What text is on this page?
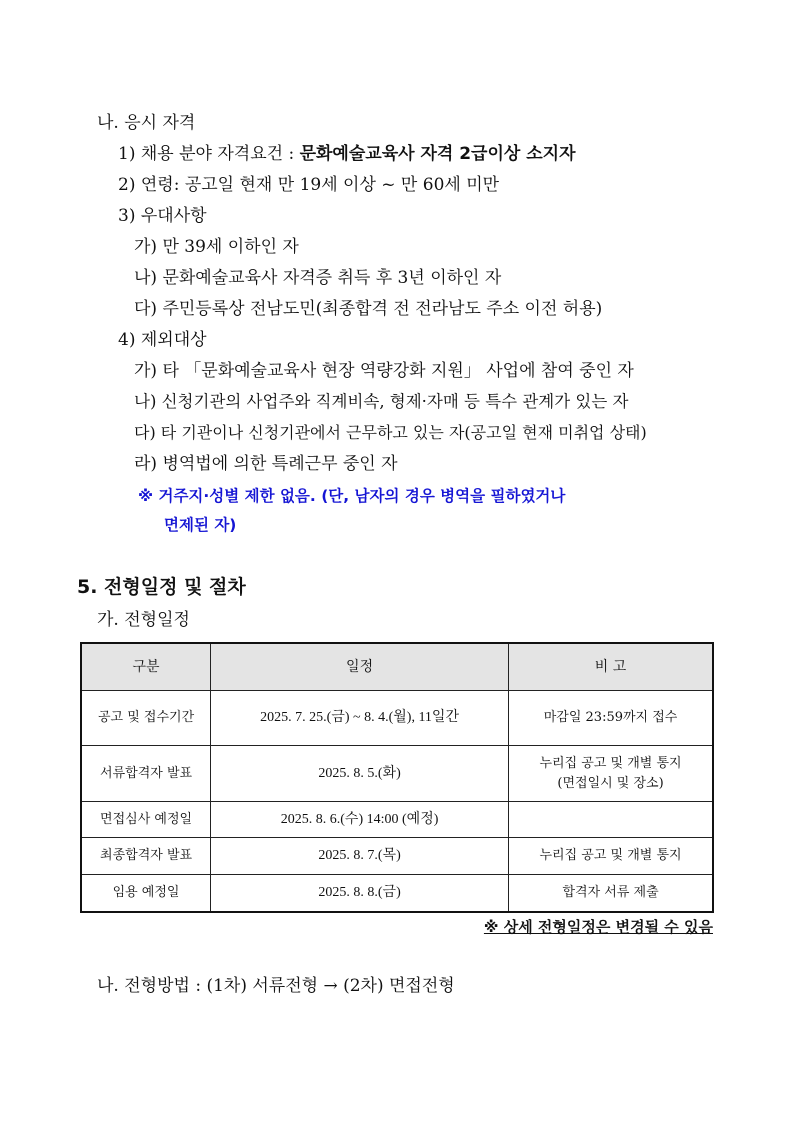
나. 응시 자격
1) 채용 분야 자격요건 : 문화예술교육사 자격 2급이상 소지자
2) 연령: 공고일 현재 만 19세 이상 ~ 만 60세 미만
3) 우대사항
가) 만 39세 이하인 자
나) 문화예술교육사 자격증 취득 후 3년 이하인 자
다) 주민등록상 전남도민(최종합격 전 전라남도 주소 이전 허용)
4) 제외대상
가) 타 「문화예술교육사 현장 역량강화 지원」 사업에 참여 중인 자
나) 신청기관의 사업주와 직계비속, 형제·자매 등 특수 관계가 있는 자
다) 타 기관이나 신청기관에서 근무하고 있는 자(공고일 현재 미취업 상태)
라) 병역법에 의한 특례근무 중인 자
※ 거주지·성별 제한 없음. (단, 남자의 경우 병역을 필하였거나
면제된 자)
5. 전형일정 및 절차
가. 전형일정
구분	일정	비 고
공고 및 접수기간	2025. 7. 25.(금) ~ 8. 4.(월), 11일간	마감일 23:59까지 접수
서류합격자 발표	2025. 8. 5.(화)	누리집 공고 및 개별 통지
(면접일시 및 장소)

면접심사 예정일	2025. 8. 6.(수) 14:00 (예정)	
최종합격자 발표	2025. 8. 7.(목)	누리집 공고 및 개별 통지
임용 예정일	2025. 8. 8.(금)	합격자 서류 제출
※ 상세 전형일정은 변경될 수 있음
나. 전형방법 : (1차) 서류전형 → (2차) 면접전형
